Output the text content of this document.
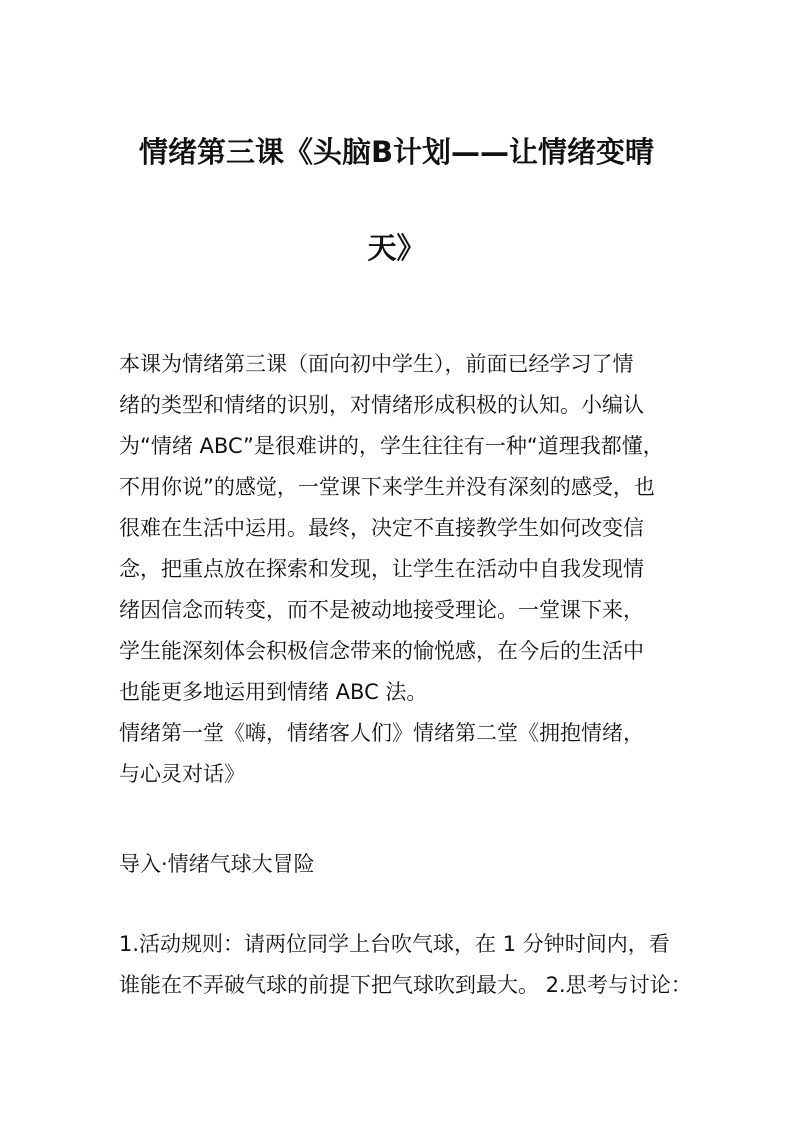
情绪第三课《头脑B计划——让情绪变晴
天》
本课为情绪第三课（面向初中学生），前面已经学习了情
绪的类型和情绪的识别，对情绪形成积极的认知。小编认
为“情绪 ABC”是很难讲的，学生往往有一种“道理我都懂，
不用你说”的感觉，一堂课下来学生并没有深刻的感受，也
很难在生活中运用。最终，决定不直接教学生如何改变信
念，把重点放在探索和发现，让学生在活动中自我发现情
绪因信念而转变，而不是被动地接受理论。一堂课下来，
学生能深刻体会积极信念带来的愉悦感，在今后的生活中
也能更多地运用到情绪 ABC 法。
情绪第一堂《嗨，情绪客人们》情绪第二堂《拥抱情绪，
与心灵对话》
导入·情绪气球大冒险
1.活动规则：请两位同学上台吹气球，在 1 分钟时间内，看
谁能在不弄破气球的前提下把气球吹到最大。 2.思考与讨论：
